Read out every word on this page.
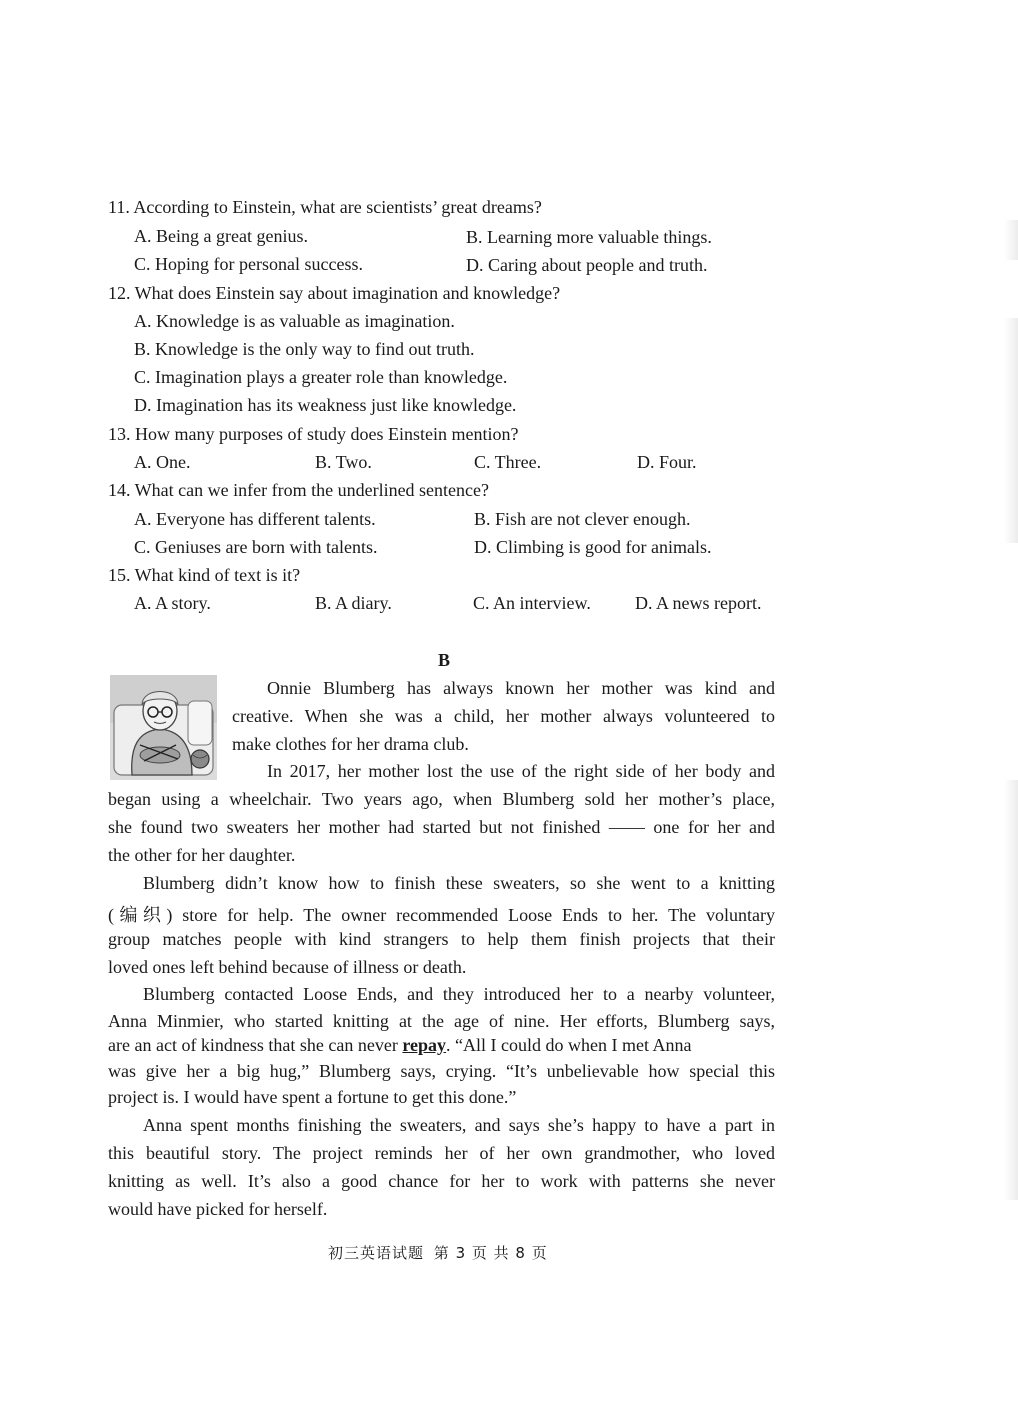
11. According to Einstein, what are scientists’ great dreams?
A. Being a great genius.	B. Learning more valuable things.
C. Hoping for personal success.	D. Caring about people and truth.
12. What does Einstein say about imagination and knowledge?
A. Knowledge is as valuable as imagination.
B. Knowledge is the only way to find out truth.
C. Imagination plays a greater role than knowledge.
D. Imagination has its weakness just like knowledge.
13. How many purposes of study does Einstein mention?
A. One.	B. Two.	C. Three.	D. Four.
14. What can we infer from the underlined sentence?
A. Everyone has different talents.	B. Fish are not clever enough.
C. Geniuses are born with talents.	D. Climbing is good for animals.
15. What kind of text is it?
A. A story.	B. A diary.	C. An interview. D. A news report.
B
Onnie Blumberg has always known her mother was kind and
creative. When she was a child, her mother always volunteered to
make clothes for her drama club.
In 2017, her mother lost the use of the right side of her body and
began using a wheelchair. Two years ago, when Blumberg sold her mother’s place,
she found two sweaters her mother had started but not finished —— one for her and
the other for her daughter.
Blumberg didn’t know how to finish these sweaters, so she went to a knitting
(编织) store for help. The owner recommended Loose Ends to her. The voluntary
group matches people with kind strangers to help them finish projects that their
loved ones left behind because of illness or death.
Blumberg contacted Loose Ends, and they introduced her to a nearby volunteer,
Anna Minmier, who started knitting at the age of nine. Her efforts, Blumberg says,
are an act of kindness that she can never repay. “All I could do when I met Anna
was give her a big hug,” Blumberg says, crying. “It’s unbelievable how special this
project is. I would have spent a fortune to get this done.”
Anna spent months finishing the sweaters, and says she’s happy to have a part in
this beautiful story. The project reminds her of her own grandmother, who loved
knitting as well. It’s also a good chance for her to work with patterns she never
would have picked for herself.
初三英语试题 第 3 页 共 8 页
